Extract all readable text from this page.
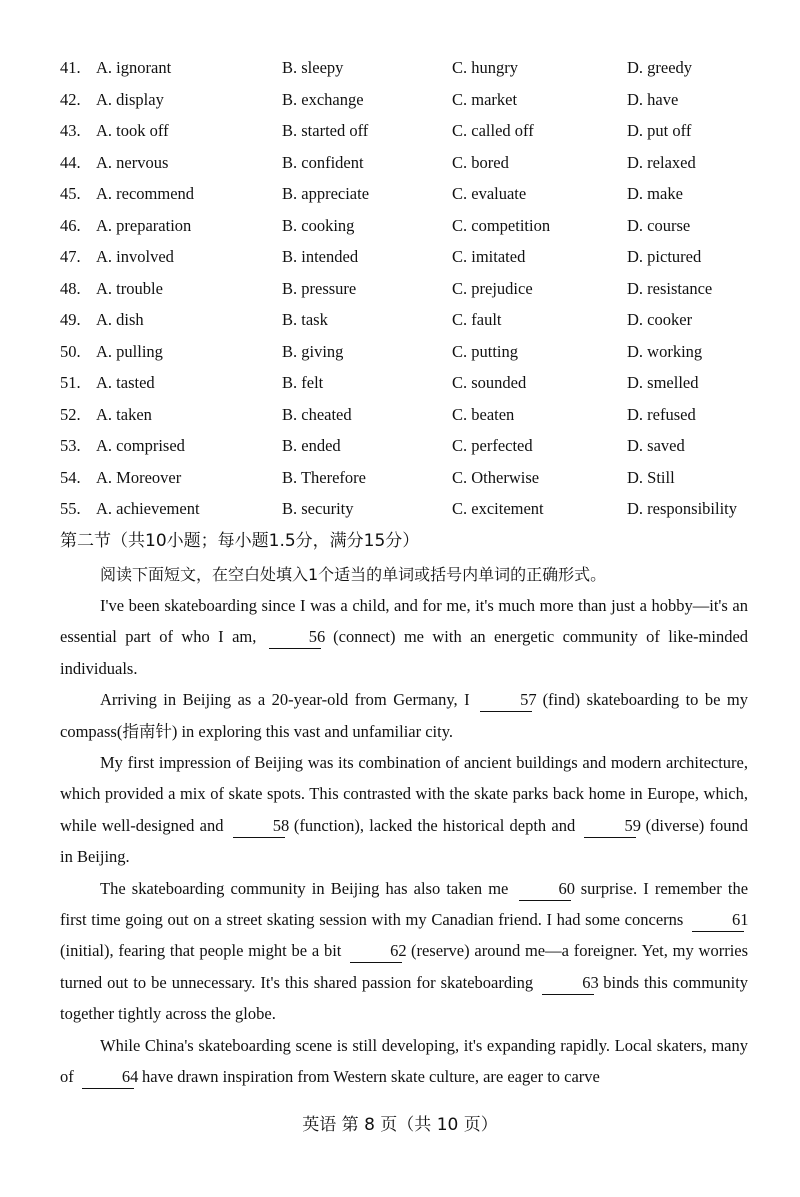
41. A. ignorant	B. sleepy	C. hungry	D. greedy
42. A. display	B. exchange	C. market	D. have
43. A. took off	B. started off	C. called off	D. put off
44. A. nervous	B. confident	C. bored	D. relaxed
45. A. recommend	B. appreciate	C. evaluate	D. make
46. A. preparation	B. cooking	C. competition	D. course
47. A. involved	B. intended	C. imitated	D. pictured
48. A. trouble	B. pressure	C. prejudice	D. resistance
49. A. dish	B. task	C. fault	D. cooker
50. A. pulling	B. giving	C. putting	D. working
51. A. tasted	B. felt	C. sounded	D. smelled
52. A. taken	B. cheated	C. beaten	D. refused
53. A. comprised	B. ended	C. perfected	D. saved
54. A. Moreover	B. Therefore	C. Otherwise	D. Still
55. A. achievement	B. security	C. excitement	D. responsibility
第二节（共10小题；每小题1.5分，满分15分）
阅读下面短文，在空白处填入1个适当的单词或括号内单词的正确形式。

I've been skateboarding since I was a child, and for me, it's much more than just a hobby—it's an essential part of who I am,	56 (connect) me with an energetic community of like-minded individuals.

Arriving in Beijing as a 20-year-old from Germany, I	57 (find) skateboarding to be my compass(指南针) in exploring this vast and unfamiliar city.

My first impression of Beijing was its combination of ancient buildings and modern architecture, which provided a mix of skate spots. This contrasted with the skate parks back home in Europe, which, while well-designed and	58 (function), lacked the historical depth and	59 (diverse) found in Beijing.

The skateboarding community in Beijing has also taken me	60 surprise. I remember the first time going out on a street skating session with my Canadian friend. I had some concerns	61 (initial), fearing that people might be a bit	62 (reserve) around me—a foreigner. Yet, my worries turned out to be unnecessary. It's this shared passion for skateboarding	63 binds this community together tightly across the globe.

While China's skateboarding scene is still developing, it's expanding rapidly. Local skaters, many of	64 have drawn inspiration from Western skate culture, are eager to carve

英语 第 8 页（共 10 页）
